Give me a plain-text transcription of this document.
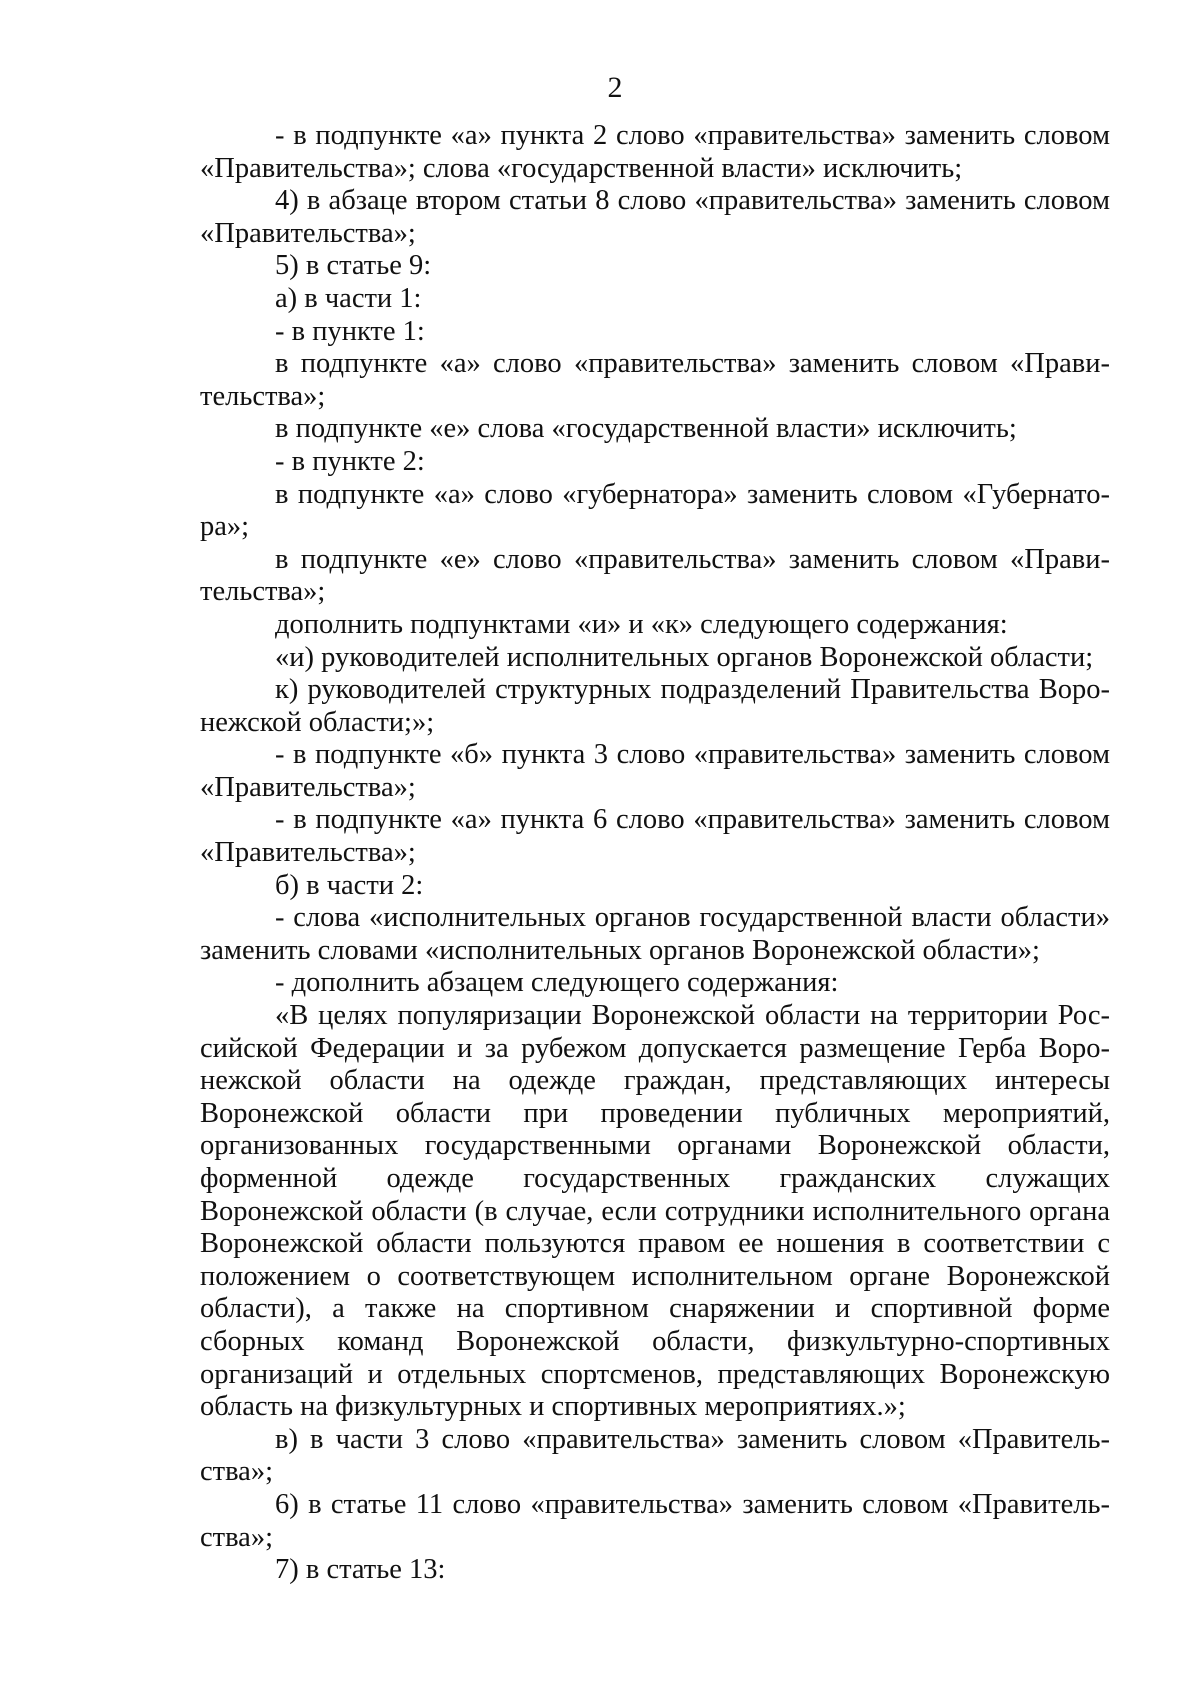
2

- в подпункте «а» пункта 2 слово «правительства» заменить словом «Правительства»; слова «государственной власти» исключить;

4) в абзаце втором статьи 8 слово «правительства» заменить словом «Правительства»;

5) в статье 9:

а) в части 1:

- в пункте 1:

в подпункте «а» слово «правительства» заменить словом «Правительства»;

в подпункте «е» слова «государственной власти» исключить;

- в пункте 2:

в подпункте «а» слово «губернатора» заменить словом «Губернатора»;

в подпункте «е» слово «правительства» заменить словом «Правительства»;

дополнить подпунктами «и» и «к» следующего содержания:

«и) руководителей исполнительных органов Воронежской области;

к) руководителей структурных подразделений Правительства Воронежской области;»;

- в подпункте «б» пункта 3 слово «правительства» заменить словом «Правительства»;

- в подпункте «а» пункта 6 слово «правительства» заменить словом «Правительства»;

б) в части 2:

- слова «исполнительных органов государственной власти области» заменить словами «исполнительных органов Воронежской области»;

- дополнить абзацем следующего содержания:

«В целях популяризации Воронежской области на территории Российской Федерации и за рубежом допускается размещение Герба Воронежской области на одежде граждан, представляющих интересы Воронежской области при проведении публичных мероприятий, организованных государственными органами Воронежской области, форменной одежде государственных гражданских служащих Воронежской области (в случае, если сотрудники исполнительного органа Воронежской области пользуются правом ее ношения в соответствии с положением о соответствующем исполнительном органе Воронежской области), а также на спортивном снаряжении и спортивной форме сборных команд Воронежской области, физкультурно-спортивных организаций и отдельных спортсменов, представляющих Воронежскую область на физкультурных и спортивных мероприятиях.»;

в) в части 3 слово «правительства» заменить словом «Правительства»;

6) в статье 11 слово «правительства» заменить словом «Правительства»;

7) в статье 13:
